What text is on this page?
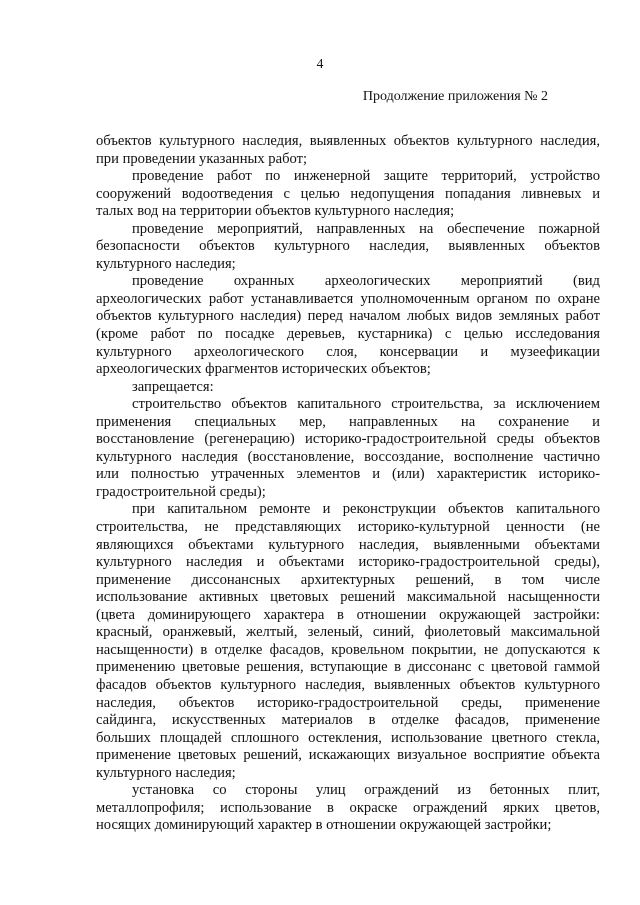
4
Продолжение приложения № 2
объектов культурного наследия, выявленных объектов культурного наследия,
при проведении указанных работ;
проведение работ по инженерной защите территорий, устройство
сооружений водоотведения с целью недопущения попадания ливневых и
талых вод на территории объектов культурного наследия;
проведение мероприятий, направленных на обеспечение пожарной
безопасности объектов культурного наследия, выявленных объектов
культурного наследия;
проведение охранных археологических мероприятий (вид
археологических работ устанавливается уполномоченным органом по охране
объектов культурного наследия) перед началом любых видов земляных работ
(кроме работ по посадке деревьев, кустарника) с целью исследования
культурного археологического слоя, консервации и музеефикации
археологических фрагментов исторических объектов;
запрещается:
строительство объектов капитального строительства, за исключением
применения специальных мер, направленных на сохранение и
восстановление (регенерацию) историко-градостроительной среды объектов
культурного наследия (восстановление, воссоздание, восполнение частично
или полностью утраченных элементов и (или) характеристик историко-
градостроительной среды);
при капитальном ремонте и реконструкции объектов капитального
строительства, не представляющих историко-культурной ценности (не
являющихся объектами культурного наследия, выявленными объектами
культурного наследия и объектами историко-градостроительной среды),
применение диссонансных архитектурных решений, в том числе
использование активных цветовых решений максимальной насыщенности
(цвета доминирующего характера в отношении окружающей застройки:
красный, оранжевый, желтый, зеленый, синий, фиолетовый максимальной
насыщенности) в отделке фасадов, кровельном покрытии, не допускаются к
применению цветовые решения, вступающие в диссонанс с цветовой гаммой
фасадов объектов культурного наследия, выявленных объектов культурного
наследия, объектов историко-градостроительной среды, применение
сайдинга, искусственных материалов в отделке фасадов, применение
больших площадей сплошного остекления, использование цветного стекла,
применение цветовых решений, искажающих визуальное восприятие объекта
культурного наследия;
установка со стороны улиц ограждений из бетонных плит,
металлопрофиля; использование в окраске ограждений ярких цветов,
носящих доминирующий характер в отношении окружающей застройки;
